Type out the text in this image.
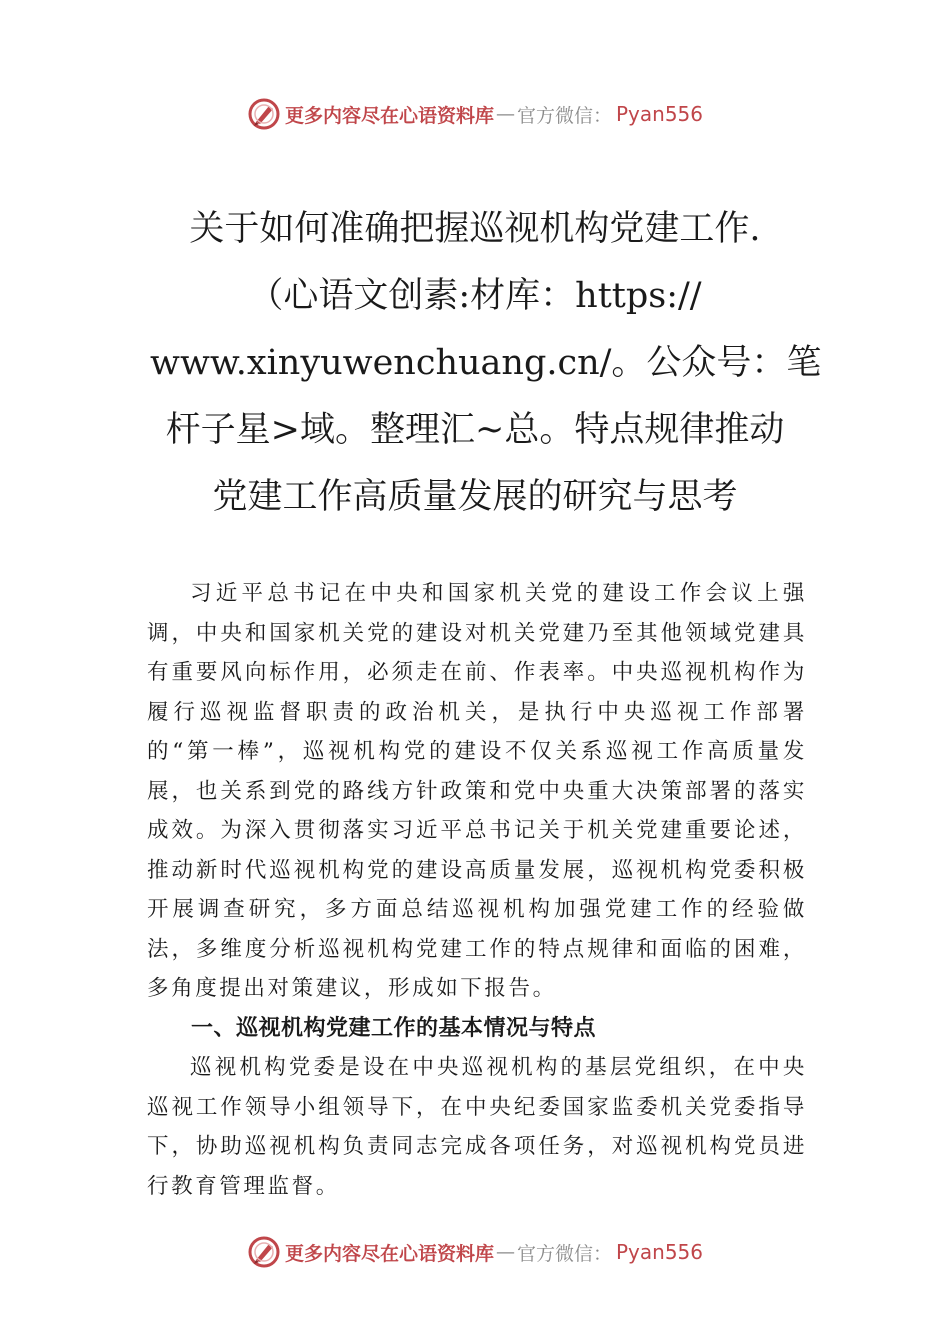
更多内容尽在心语资料库 — 官方微信： Pyan556
关于如何准确把握巡视机构党建工作.
（心语文创素:材库：https://
www.xinyuwenchuang.cn/。公众号：笔
杆子星>域。整理汇~总。特点规律推动
党建工作高质量发展的研究与思考

习近平总书记在中央和国家机关党的建设工作会议上强调，中央和国家机关党的建设对机关党建乃至其他领域党建具有重要风向标作用，必须走在前、作表率。中央巡视机构作为履行巡视监督职责的政治机关，是执行中央巡视工作部署的“第一棒”，巡视机构党的建设不仅关系巡视工作高质量发展，也关系到党的路线方针政策和党中央重大决策部署的落实成效。为深入贯彻落实习近平总书记关于机关党建重要论述，推动新时代巡视机构党的建设高质量发展，巡视机构党委积极开展调查研究，多方面总结巡视机构加强党建工作的经验做法，多维度分析巡视机构党建工作的特点规律和面临的困难，多角度提出对策建议，形成如下报告。

一、巡视机构党建工作的基本情况与特点

巡视机构党委是设在中央巡视机构的基层党组织，在中央巡视工作领导小组领导下，在中央纪委国家监委机关党委指导下，协助巡视机构负责同志完成各项任务，对巡视机构党员进行教育管理监督。

更多内容尽在心语资料库 — 官方微信： Pyan556
